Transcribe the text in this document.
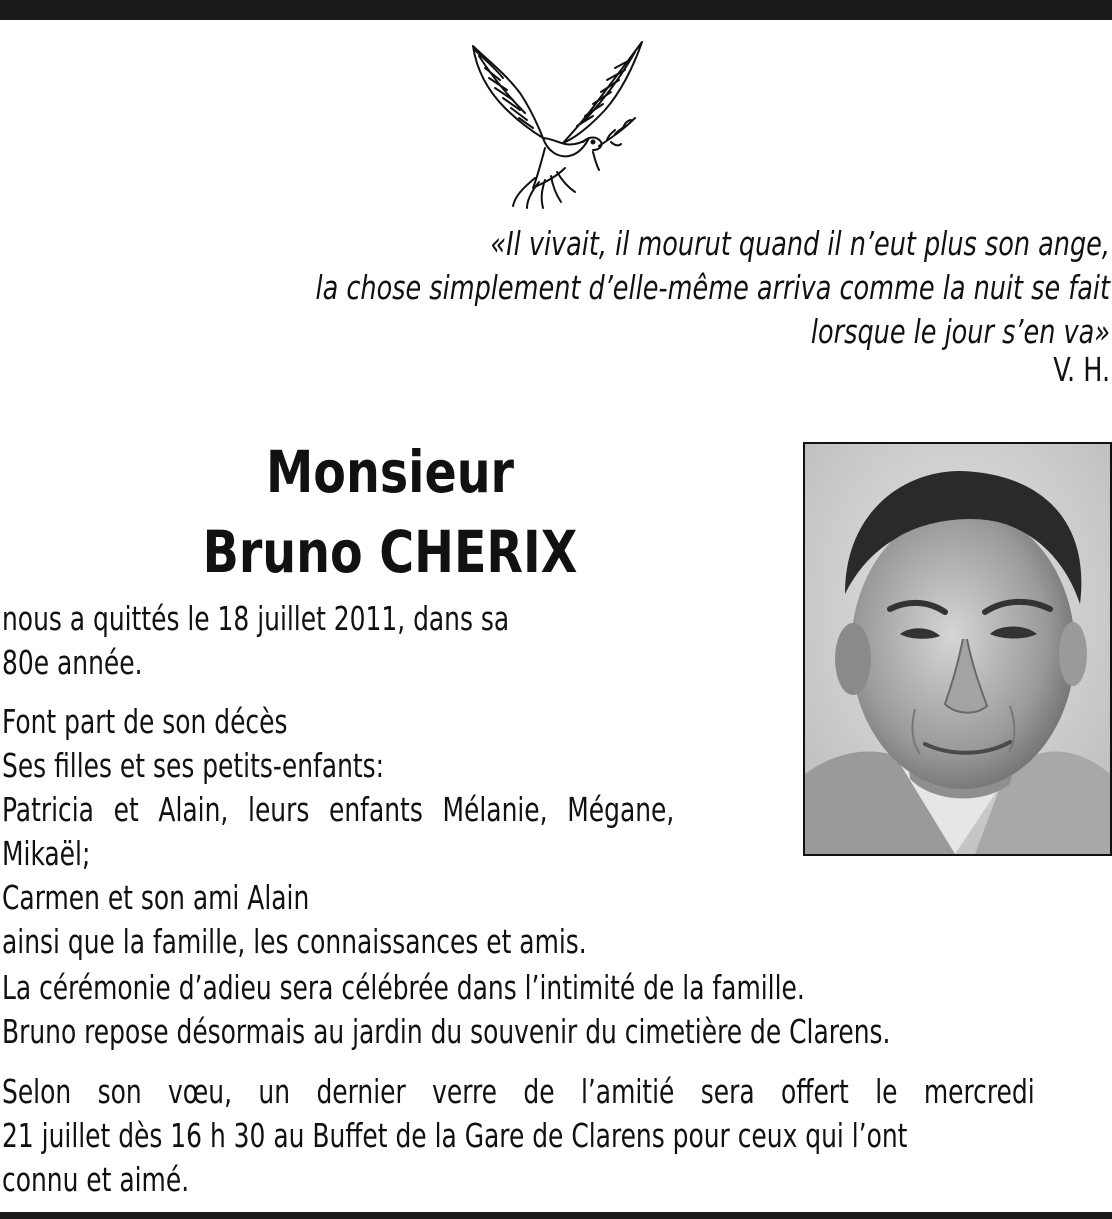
«Il vivait, il mourut quand il n’eut plus son ange,
la chose simplement d’elle-même arriva comme la nuit se fait
lorsque le jour s’en va»
V. H.
Monsieur
Bruno CHERIX
nous a quittés le 18 juillet 2011, dans sa
80e année.
Font part de son décès
Ses filles et ses petits-enfants:
Patricia et Alain, leurs enfants Mélanie, Mégane,
Mikaël;
Carmen et son ami Alain
ainsi que la famille, les connaissances et amis.
La cérémonie d’adieu sera célébrée dans l’intimité de la famille.
Bruno repose désormais au jardin du souvenir du cimetière de Clarens.
Selon son vœu, un dernier verre de l’amitié sera offert le mercredi
21 juillet dès 16 h 30 au Buffet de la Gare de Clarens pour ceux qui l’ont
connu et aimé.
